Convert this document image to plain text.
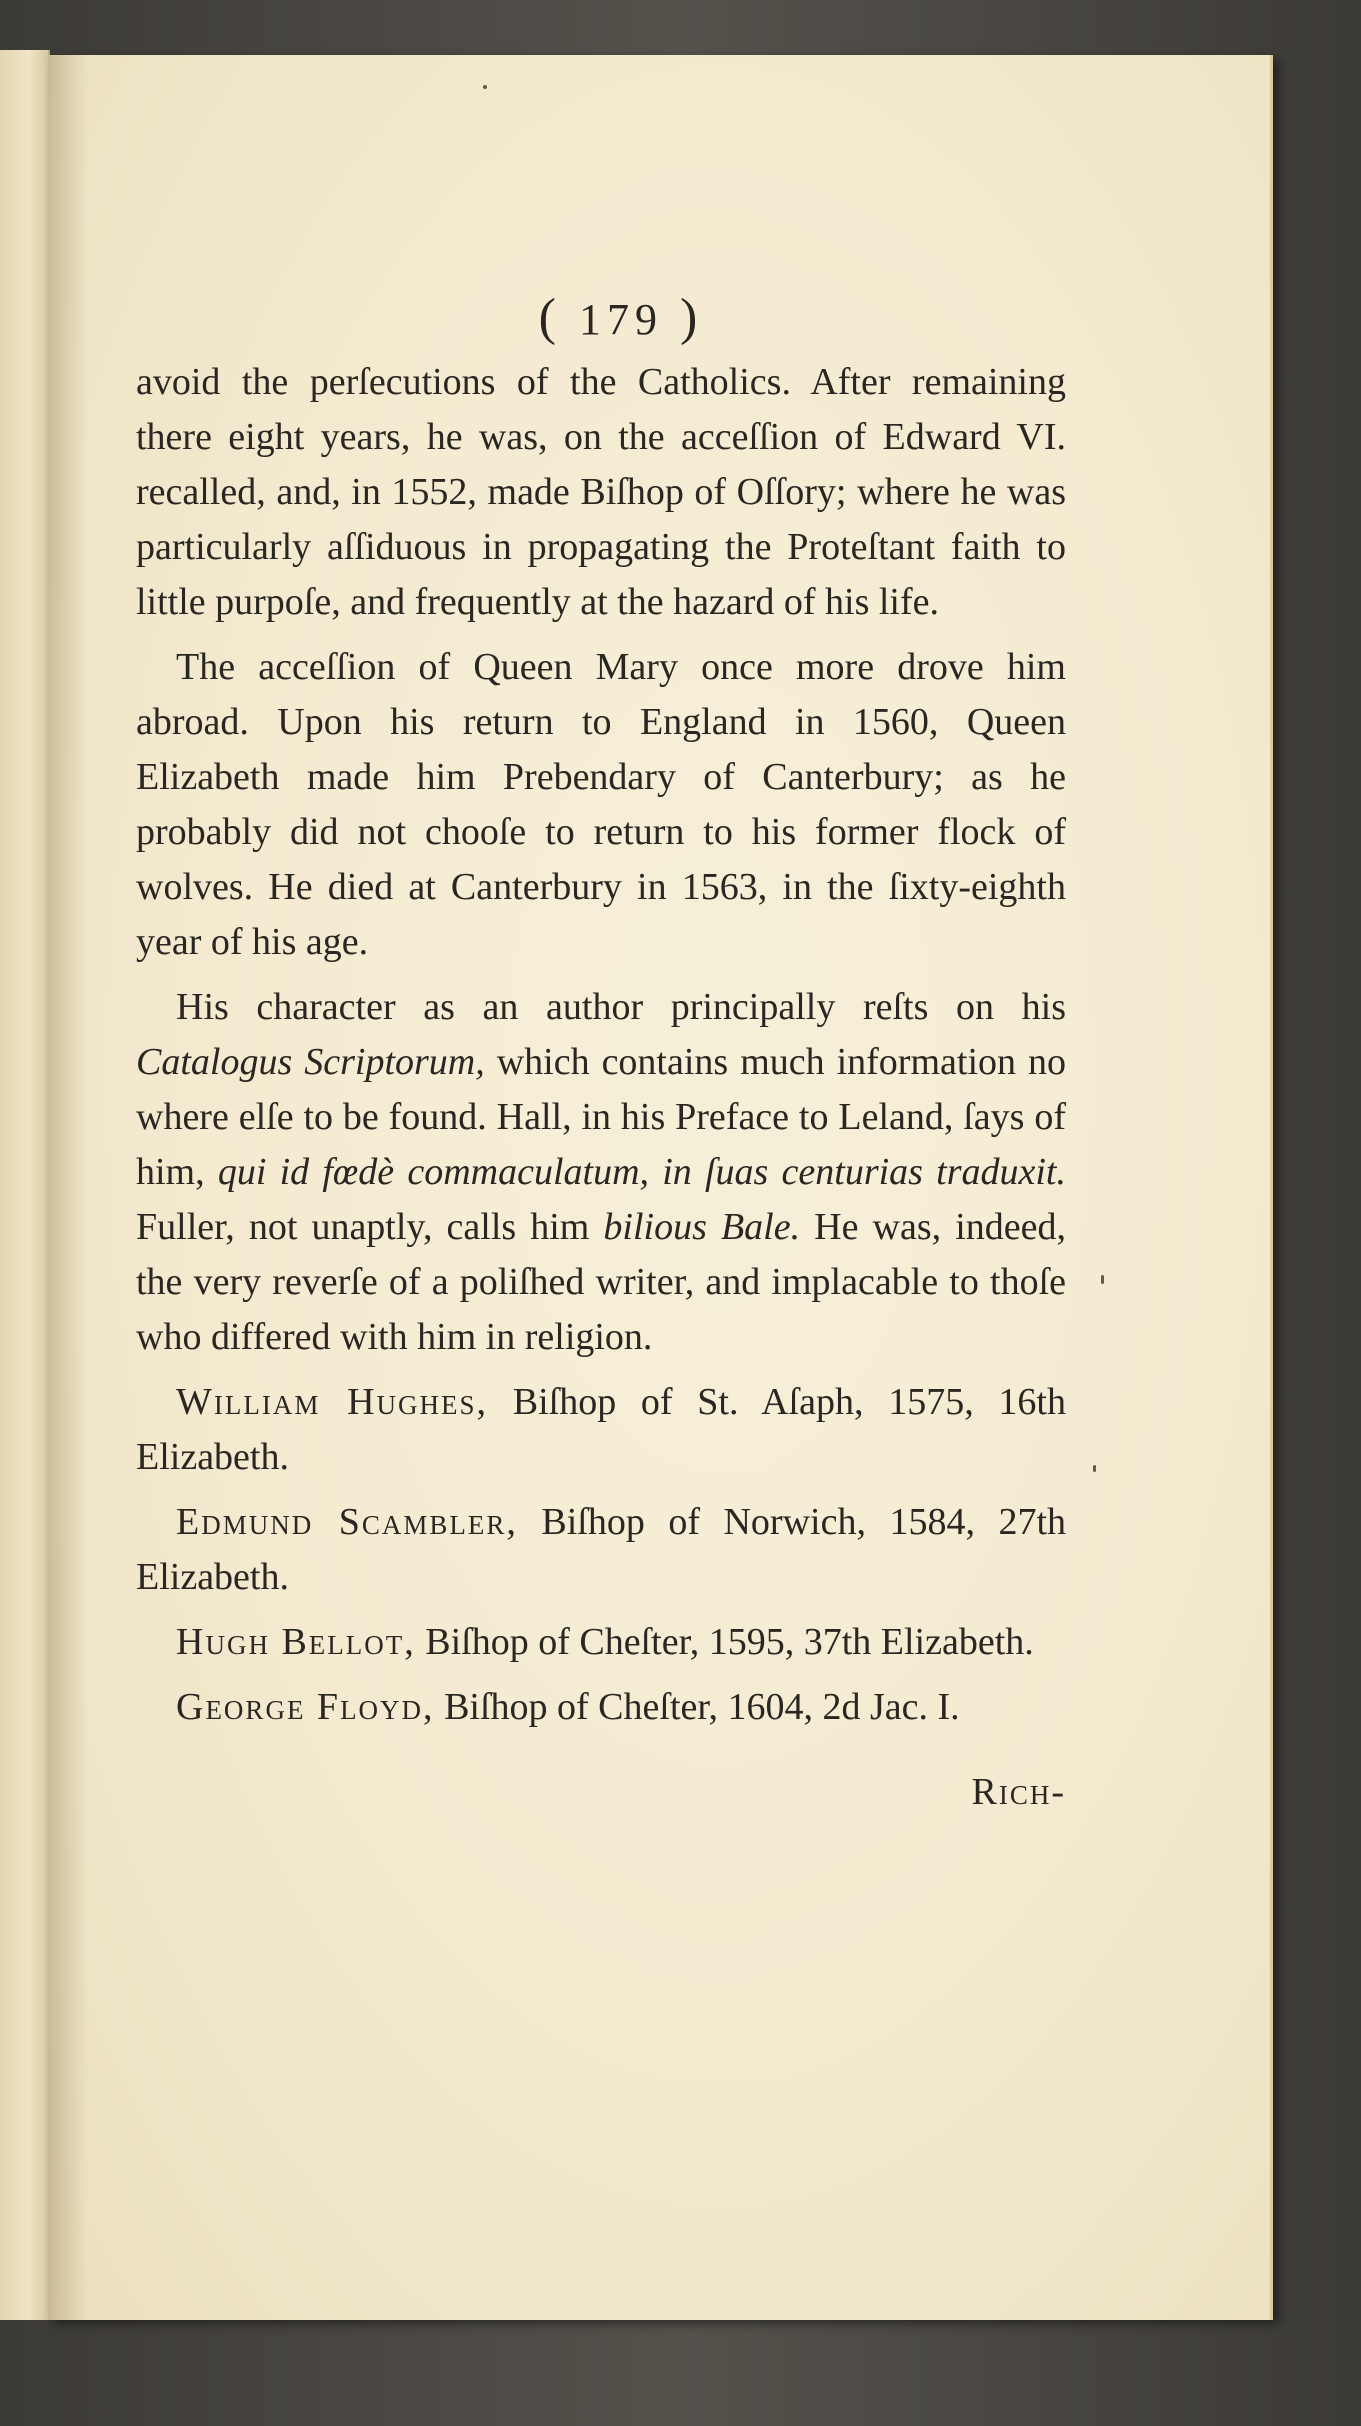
( 179 )

avoid the perſecutions of the Catholics. After remaining there eight years, he was, on the acceſſion of Edward VI. recalled, and, in 1552, made Biſhop of Oſſory; where he was particularly aſſiduous in propagating the Proteſtant faith to little purpoſe, and frequently at the hazard of his life.

The acceſſion of Queen Mary once more drove him abroad. Upon his return to England in 1560, Queen Elizabeth made him Prebendary of Canterbury; as he probably did not chooſe to return to his former flock of wolves. He died at Canterbury in 1563, in the ſixty-eighth year of his age.

His character as an author principally reſts on his Catalogus Scriptorum, which contains much information no where elſe to be found. Hall, in his Preface to Leland, ſays of him, qui id fœdè commaculatum, in ſuas centurias traduxit. Fuller, not unaptly, calls him bilious Bale. He was, indeed, the very reverſe of a poliſhed writer, and implacable to thoſe who differed with him in religion.

William Hughes, Biſhop of St. Aſaph, 1575, 16th Elizabeth.

Edmund Scambler, Biſhop of Norwich, 1584, 27th Elizabeth.

Hugh Bellot, Biſhop of Cheſter, 1595, 37th Elizabeth.

George Floyd, Biſhop of Cheſter, 1604, 2d Jac. I.

Rich-
